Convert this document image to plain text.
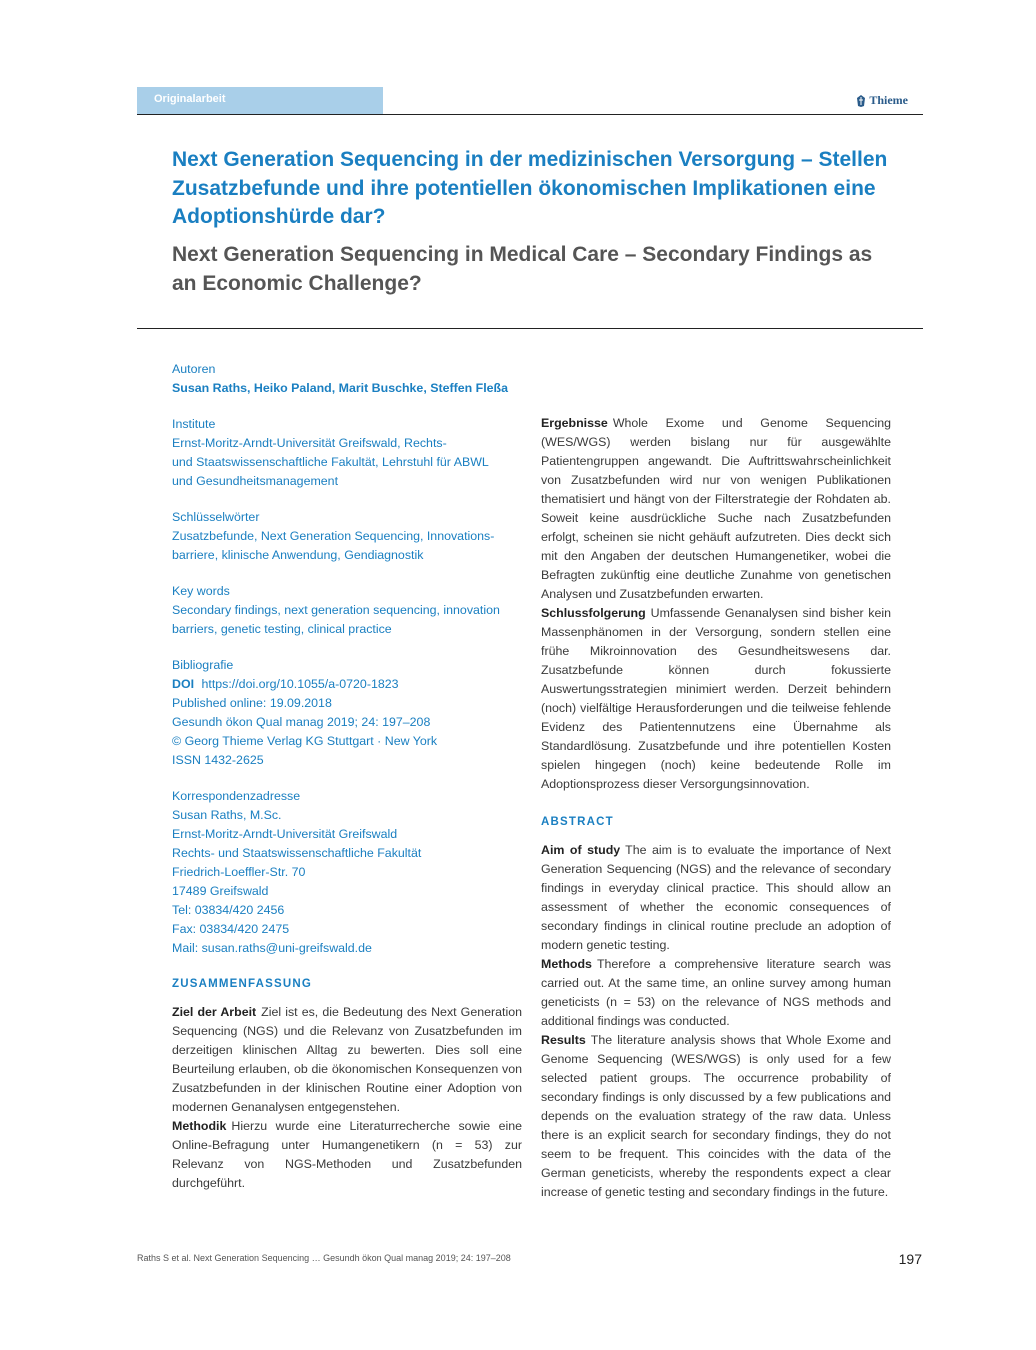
Originalarbeit	Thieme
Next Generation Sequencing in der medizinischen Versorgung – Stellen Zusatzbefunde und ihre potentiellen ökonomischen Implikationen eine Adoptionshürde dar?
Next Generation Sequencing in Medical Care – Secondary Findings as an Economic Challenge?
Autoren
Susan Raths, Heiko Paland, Marit Buschke, Steffen Fleßa
Institute
Ernst-Moritz-Arndt-Universität Greifswald, Rechts-
und Staatswissenschaftliche Fakultät, Lehrstuhl für ABWL
und Gesundheitsmanagement
Schlüsselwörter
Zusatzbefunde, Next Generation Sequencing, Innovations-
barriere, klinische Anwendung, Gendiagnostik
Key words
Secondary findings, next generation sequencing, innovation
barriers, genetic testing, clinical practice
Bibliografie
DOI https://doi.org/10.1055/a-0720-1823
Published online: 19.09.2018
Gesundh ökon Qual manag 2019; 24: 197–208
© Georg Thieme Verlag KG Stuttgart · New York
ISSN 1432-2625
Korrespondenzadresse
Susan Raths, M.Sc.
Ernst-Moritz-Arndt-Universität Greifswald
Rechts- und Staatswissenschaftliche Fakultät
Friedrich-Loeffler-Str. 70
17489 Greifswald
Tel: 03834/420 2456
Fax: 03834/420 2475
Mail: susan.raths@uni-greifswald.de
ZUSAMMENFASSUNG

Ziel der Arbeit Ziel ist es, die Bedeutung des Next Generation Sequencing (NGS) und die Relevanz von Zusatzbefunden im derzeitigen klinischen Alltag zu bewerten. Dies soll eine Beurteilung erlauben, ob die ökonomischen Konsequenzen von Zusatzbefunden in der klinischen Routine einer Adoption von modernen Genanalysen entgegenstehen.

Methodik Hierzu wurde eine Literaturrecherche sowie eine Online-Befragung unter Humangenetikern (n = 53) zur Relevanz von NGS-Methoden und Zusatzbefunden durchgeführt.

Ergebnisse Whole Exome und Genome Sequencing (WES/WGS) werden bislang nur für ausgewählte Patientengruppen angewandt. Die Auftrittswahrscheinlichkeit von Zusatzbefunden wird nur von wenigen Publikationen thematisiert und hängt von der Filterstrategie der Rohdaten ab. Soweit keine ausdrückliche Suche nach Zusatzbefunden erfolgt, scheinen sie nicht gehäuft aufzutreten. Dies deckt sich mit den Angaben der deutschen Humangenetiker, wobei die Befragten zukünftig eine deutliche Zunahme von genetischen Analysen und Zusatzbefunden erwarten.

Schlussfolgerung Umfassende Genanalysen sind bisher kein Massenphänomen in der Versorgung, sondern stellen eine frühe Mikroinnovation des Gesundheitswesens dar. Zusatzbefunde können durch fokussierte Auswertungsstrategien minimiert werden. Derzeit behindern (noch) vielfältige Herausforderungen und die teilweise fehlende Evidenz des Patientennutzens eine Übernahme als Standardlösung. Zusatzbefunde und ihre potentiellen Kosten spielen hingegen (noch) keine bedeutende Rolle im Adoptionsprozess dieser Versorgungsinnovation.

ABSTRACT

Aim of study The aim is to evaluate the importance of Next Generation Sequencing (NGS) and the relevance of secondary findings in everyday clinical practice. This should allow an assessment of whether the economic consequences of secondary findings in clinical routine preclude an adoption of modern genetic testing.

Methods Therefore a comprehensive literature search was carried out. At the same time, an online survey among human geneticists (n = 53) on the relevance of NGS methods and additional findings was conducted.

Results The literature analysis shows that Whole Exome and Genome Sequencing (WES/WGS) is only used for a few selected patient groups. The occurrence probability of secondary findings is only discussed by a few publications and depends on the evaluation strategy of the raw data. Unless there is an explicit search for secondary findings, they do not seem to be frequent. This coincides with the data of the German geneticists, whereby the respondents expect a clear increase of genetic testing and secondary findings in the future.

Raths S et al. Next Generation Sequencing … Gesundh ökon Qual manag 2019; 24: 197–208	197
